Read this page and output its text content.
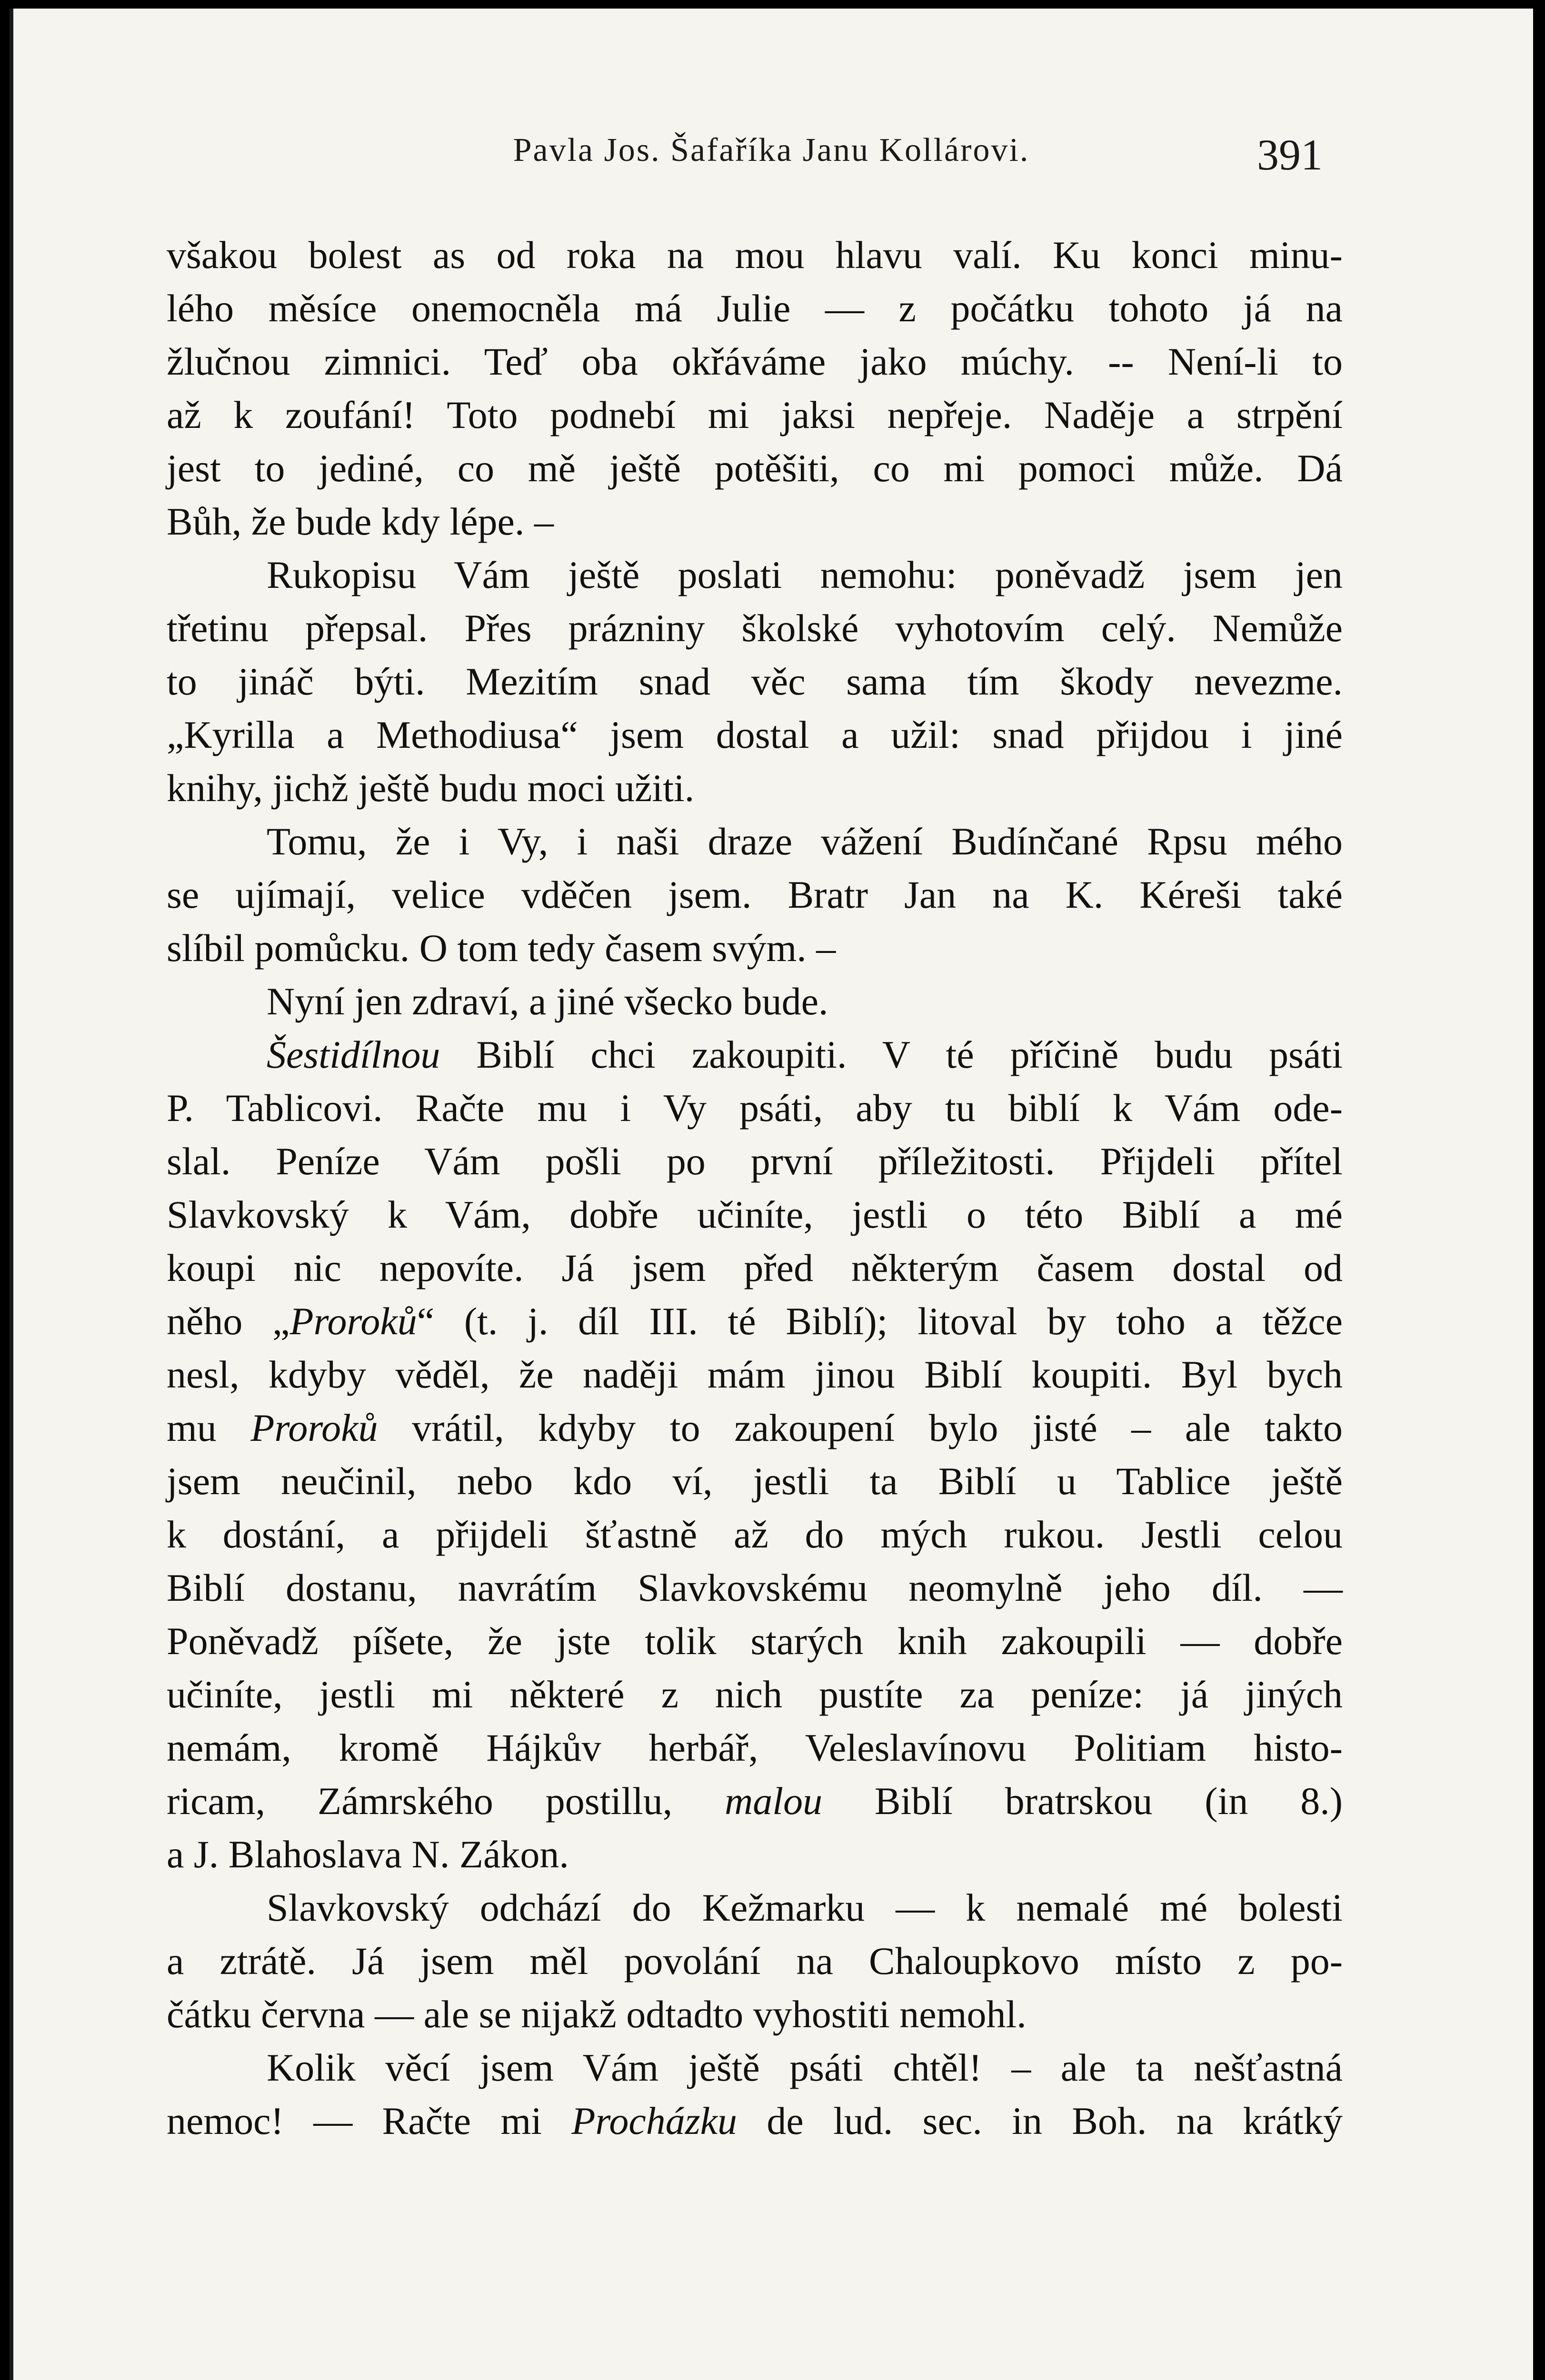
Pavla Jos. Šafaříka Janu Kollárovi.	391
všakou bolest as od roka na mou hlavu valí. Ku konci minu-
lého měsíce onemocněla má Julie — z počátku tohoto já na
žlučnou zimnici. Teď oba okřáváme jako múchy. -- Není-li to
až k zoufání! Toto podnebí mi jaksi nepřeje. Naděje a strpění
jest to jediné, co mě ještě potěšiti, co mi pomoci může. Dá
Bůh, že bude kdy lépe. –
Rukopisu Vám ještě poslati nemohu: poněvadž jsem jen
třetinu přepsal. Přes prázniny školské vyhotovím celý. Nemůže
to jináč býti. Mezitím snad věc sama tím škody nevezme.
„Kyrilla a Methodiusa“ jsem dostal a užil: snad přijdou i jiné
knihy, jichž ještě budu moci užiti.
Tomu, že i Vy, i naši draze vážení Budínčané Rpsu mého
se ujímají, velice vděčen jsem. Bratr Jan na K. Kéreši také
slíbil pomůcku. O tom tedy časem svým. –
Nyní jen zdraví, a jiné všecko bude.
Šestidílnou Biblí chci zakoupiti. V té příčině budu psáti
P. Tablicovi. Račte mu i Vy psáti, aby tu biblí k Vám ode-
slal. Peníze Vám pošli po první příležitosti. Přijdeli přítel
Slavkovský k Vám, dobře učiníte, jestli o této Biblí a mé
koupi nic nepovíte. Já jsem před některým časem dostal od
něho „Proroků“ (t. j. díl III. té Biblí); litoval by toho a těžce
nesl, kdyby věděl, že naději mám jinou Biblí koupiti. Byl bych
mu Proroků vrátil, kdyby to zakoupení bylo jisté – ale takto
jsem neučinil, nebo kdo ví, jestli ta Biblí u Tablice ještě
k dostání, a přijdeli šťastně až do mých rukou. Jestli celou
Biblí dostanu, navrátím Slavkovskému neomylně jeho díl. —
Poněvadž píšete, že jste tolik starých knih zakoupili — dobře
učiníte, jestli mi některé z nich pustíte za peníze: já jiných
nemám, kromě Hájkův herbář, Veleslavínovu Politiam histo-
ricam, Zámrského postillu, malou Biblí bratrskou (in 8.)
a J. Blahoslava N. Zákon.
Slavkovský odchází do Kežmarku — k nemalé mé bolesti
a ztrátě. Já jsem měl povolání na Chaloupkovo místo z po-
čátku června — ale se nijakž odtadto vyhostiti nemohl.
Kolik věcí jsem Vám ještě psáti chtěl! – ale ta nešťastná
nemoc! — Račte mi Procházku de lud. sec. in Boh. na krátký
